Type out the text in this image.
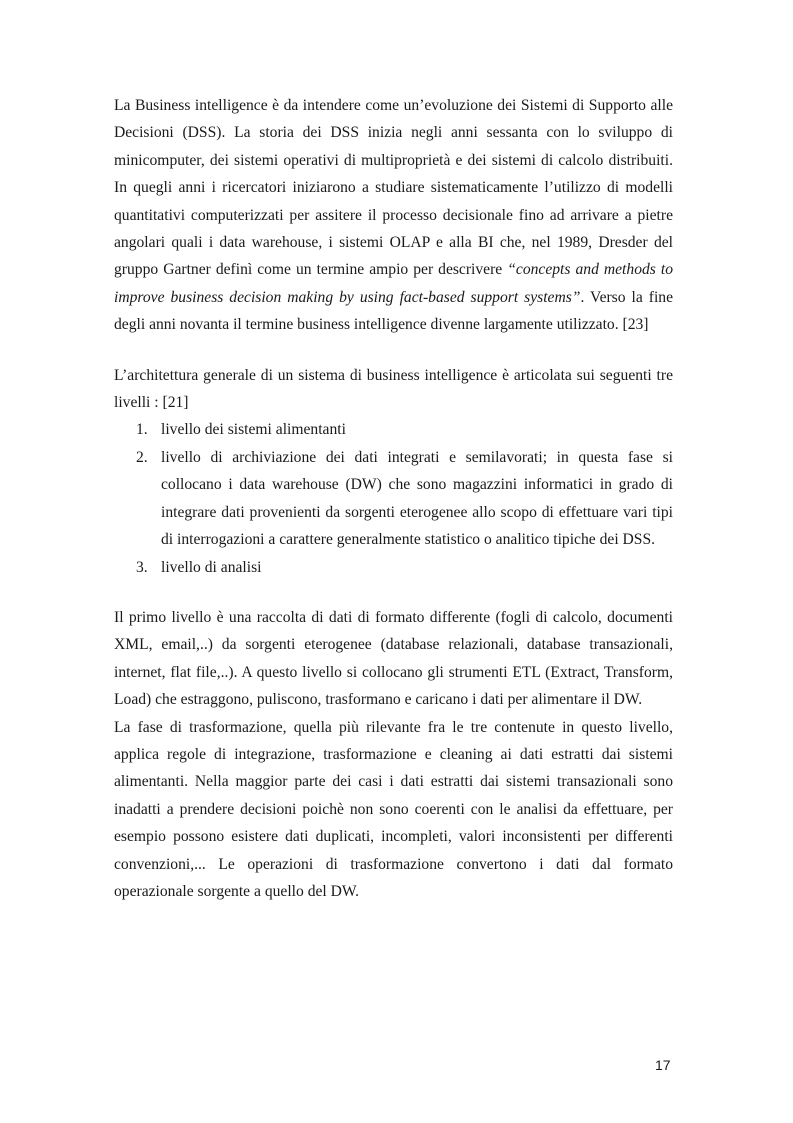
La Business intelligence è da intendere come un’evoluzione dei Sistemi di Supporto alle Decisioni (DSS). La storia dei DSS inizia negli anni sessanta con lo sviluppo di minicomputer, dei sistemi operativi di multiproprietà e dei sistemi di calcolo distribuiti. In quegli anni i ricercatori iniziarono a studiare sistematicamente l’utilizzo di modelli quantitativi computerizzati per assitere il processo decisionale fino ad arrivare a pietre angolari quali i data warehouse, i sistemi OLAP e alla BI che, nel 1989, Dresder del gruppo Gartner definì come un termine ampio per descrivere “concepts and methods to improve business decision making by using fact-based support systems”. Verso la fine degli anni novanta il termine business intelligence divenne largamente utilizzato. [23]

L’architettura generale di un sistema di business intelligence è articolata sui seguenti tre livelli : [21]

1. livello dei sistemi alimentanti
2. livello di archiviazione dei dati integrati e semilavorati; in questa fase si collocano i data warehouse (DW) che sono magazzini informatici in grado di integrare dati provenienti da sorgenti eterogenee allo scopo di effettuare vari tipi di interrogazioni a carattere generalmente statistico o analitico tipiche dei DSS.
3. livello di analisi

Il primo livello è una raccolta di dati di formato differente (fogli di calcolo, documenti XML, email,..) da sorgenti eterogenee (database relazionali, database transazionali, internet, flat file,..). A questo livello si collocano gli strumenti ETL (Extract, Transform, Load) che estraggono, puliscono, trasformano e caricano i dati per alimentare il DW.

La fase di trasformazione, quella più rilevante fra le tre contenute in questo livello, applica regole di integrazione, trasformazione e cleaning ai dati estratti dai sistemi alimentanti. Nella maggior parte dei casi i dati estratti dai sistemi transazionali sono inadatti a prendere decisioni poichè non sono coerenti con le analisi da effettuare, per esempio possono esistere dati duplicati, incompleti, valori inconsistenti per differenti convenzioni,... Le operazioni di trasformazione convertono i dati dal formato operazionale sorgente a quello del DW.

17
